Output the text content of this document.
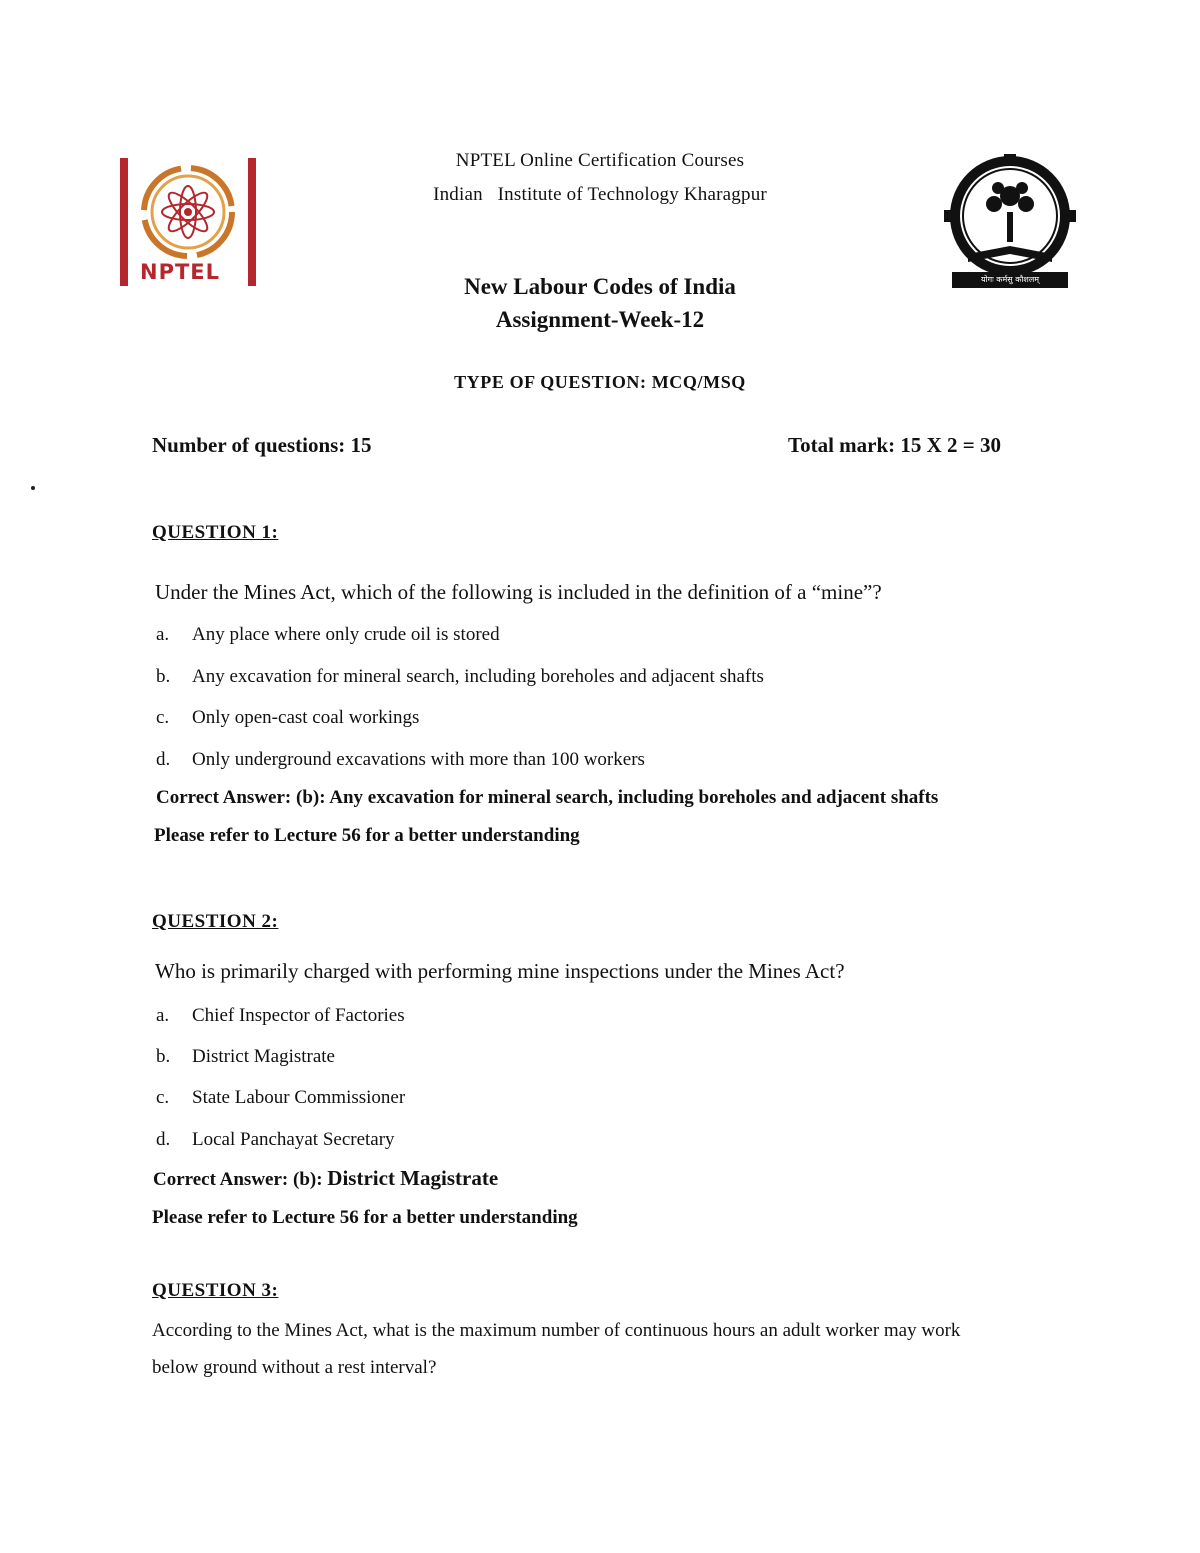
NPTEL
NPTEL Online Certification Courses
Indian   Institute of Technology Kharagpur
योगः कर्मसु कौशलम्
New Labour Codes of India
Assignment-Week-12
TYPE OF QUESTION: MCQ/MSQ
Number of questions: 15	Total mark: 15 X 2 = 30
QUESTION 1:
Under the Mines Act, which of the following is included in the definition of a “mine”?
a. Any place where only crude oil is stored
b. Any excavation for mineral search, including boreholes and adjacent shafts
c. Only open-cast coal workings
d. Only underground excavations with more than 100 workers
Correct Answer: (b): Any excavation for mineral search, including boreholes and adjacent shafts
Please refer to Lecture 56 for a better understanding
QUESTION 2:
Who is primarily charged with performing mine inspections under the Mines Act?
a. Chief Inspector of Factories
b. District Magistrate
c. State Labour Commissioner
d. Local Panchayat Secretary
Correct Answer: (b): District Magistrate
Please refer to Lecture 56 for a better understanding
QUESTION 3:
According to the Mines Act, what is the maximum number of continuous hours an adult worker may work
below ground without a rest interval?
